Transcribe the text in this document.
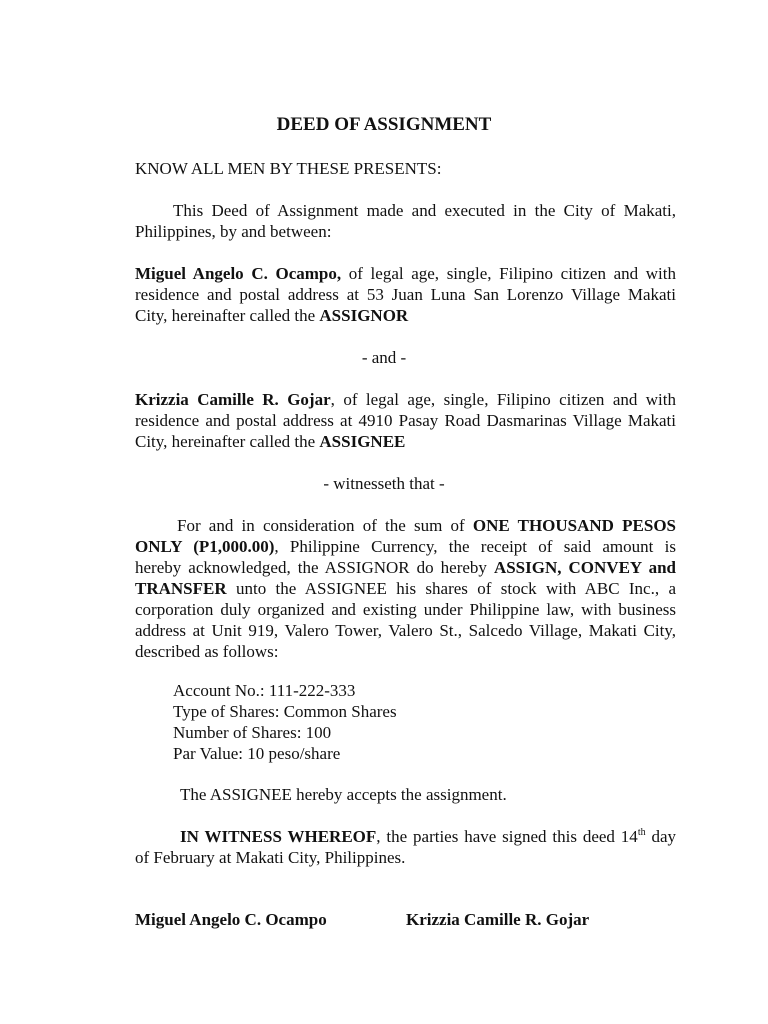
DEED OF ASSIGNMENT
KNOW ALL MEN BY THESE PRESENTS:
This Deed of Assignment made and executed in the City of Makati,
Philippines, by and between:
Miguel Angelo C. Ocampo, of legal age, single, Filipino citizen and with
residence and postal address at 53 Juan Luna San Lorenzo Village Makati
City, hereinafter called the ASSIGNOR
- and -
Krizzia Camille R. Gojar, of legal age, single, Filipino citizen and with
residence and postal address at 4910 Pasay Road Dasmarinas Village Makati
City, hereinafter called the ASSIGNEE
- witnesseth that -
For and in consideration of the sum of ONE THOUSAND PESOS
ONLY (P1,000.00), Philippine Currency, the receipt of said amount is
hereby acknowledged, the ASSIGNOR do hereby ASSIGN, CONVEY and
TRANSFER unto the ASSIGNEE his shares of stock with ABC Inc., a
corporation duly organized and existing under Philippine law, with business
address at Unit 919, Valero Tower, Valero St., Salcedo Village, Makati City,
described as follows:
Account No.: 111-222-333
Type of Shares: Common Shares
Number of Shares: 100
Par Value: 10 peso/share
The ASSIGNEE hereby accepts the assignment.
IN WITNESS WHEREOF, the parties have signed this deed 14th day
of February at Makati City, Philippines.
Miguel Angelo C. Ocampo	Krizzia Camille R. Gojar
